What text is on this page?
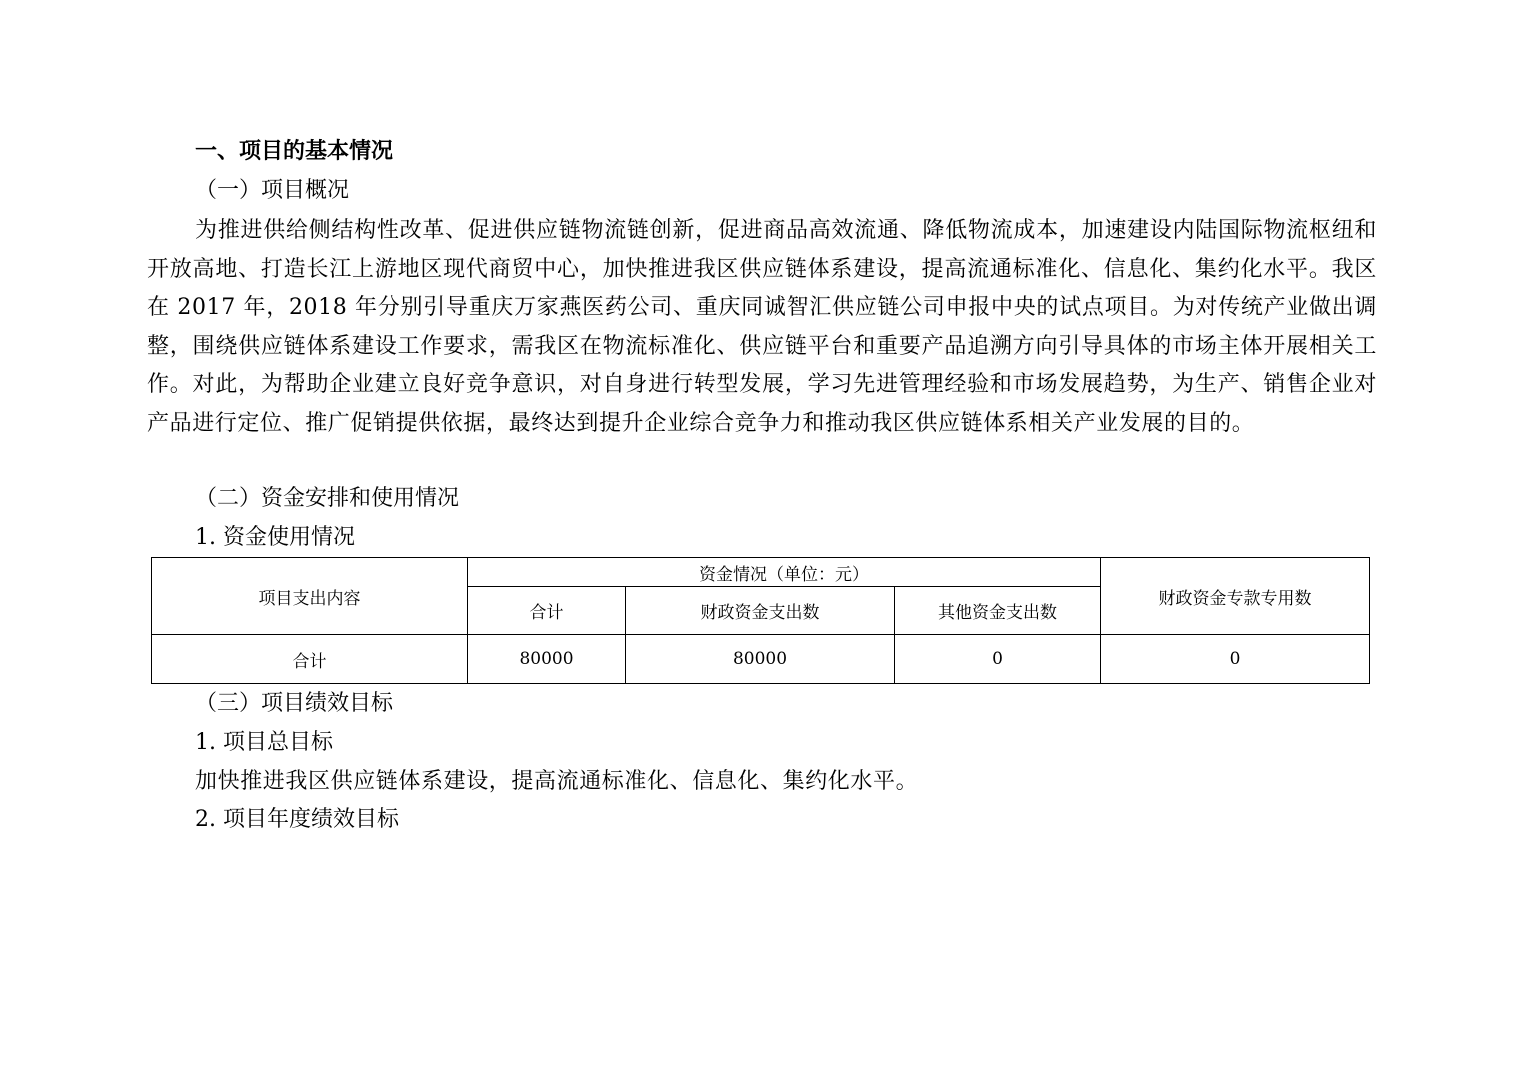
一、项目的基本情况
（一）项目概况
为推进供给侧结构性改革、促进供应链物流链创新，促进商品高效流通、降低物流成本，加速建设内陆国际物流枢纽和开放高地、打造长江上游地区现代商贸中心，加快推进我区供应链体系建设，提高流通标准化、信息化、集约化水平。我区在 2017 年，2018 年分别引导重庆万家燕医药公司、重庆同诚智汇供应链公司申报中央的试点项目。为对传统产业做出调整，围绕供应链体系建设工作要求，需我区在物流标准化、供应链平台和重要产品追溯方向引导具体的市场主体开展相关工作。对此，为帮助企业建立良好竞争意识，对自身进行转型发展，学习先进管理经验和市场发展趋势，为生产、销售企业对产品进行定位、推广促销提供依据，最终达到提升企业综合竞争力和推动我区供应链体系相关产业发展的目的。
（二）资金安排和使用情况
1. 资金使用情况
项目支出内容	资金情况（单位：元）			财政资金专款专用数
	合计	财政资金支出数	其他资金支出数	
合计	80000	80000	0	0
（三）项目绩效目标
1. 项目总目标
加快推进我区供应链体系建设，提高流通标准化、信息化、集约化水平。
2. 项目年度绩效目标
